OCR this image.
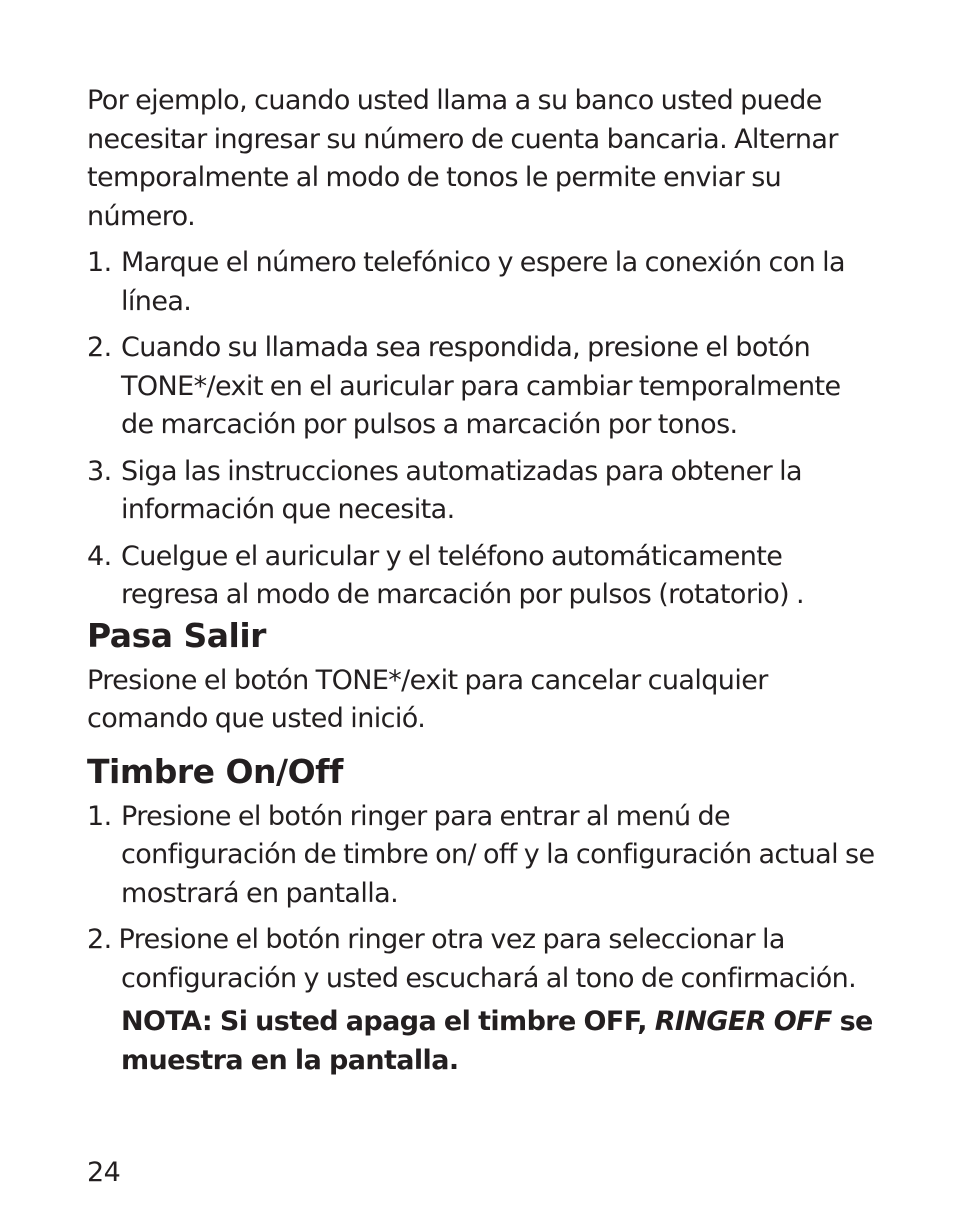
Por ejemplo, cuando usted llama a su banco usted puede necesitar ingresar su número de cuenta bancaria. Alternar temporalmente al modo de tonos le permite enviar su número.

1. Marque el número telefónico y espere la conexión con la línea.
2. Cuando su llamada sea respondida, presione el botón TONE*/exit en el auricular para cambiar temporalmente de marcación por pulsos a marcación por tonos.
3. Siga las instrucciones automatizadas para obtener la información que necesita.
4. Cuelgue el auricular y el teléfono automáticamente regresa al modo de marcación por pulsos (rotatorio) .
Pasa Salir

Presione el botón TONE*/exit para cancelar cualquier comando que usted inició.

Timbre On/Off
1. Presione el botón ringer para entrar al menú de configuración de timbre on/ off y la configuración actual se mostrará en pantalla.
2. Presione el botón ringer otra vez para seleccionar la configuración y usted escuchará al tono de confirmación.

NOTA: Si usted apaga el timbre OFF, RINGER OFF se muestra en la pantalla.

24
